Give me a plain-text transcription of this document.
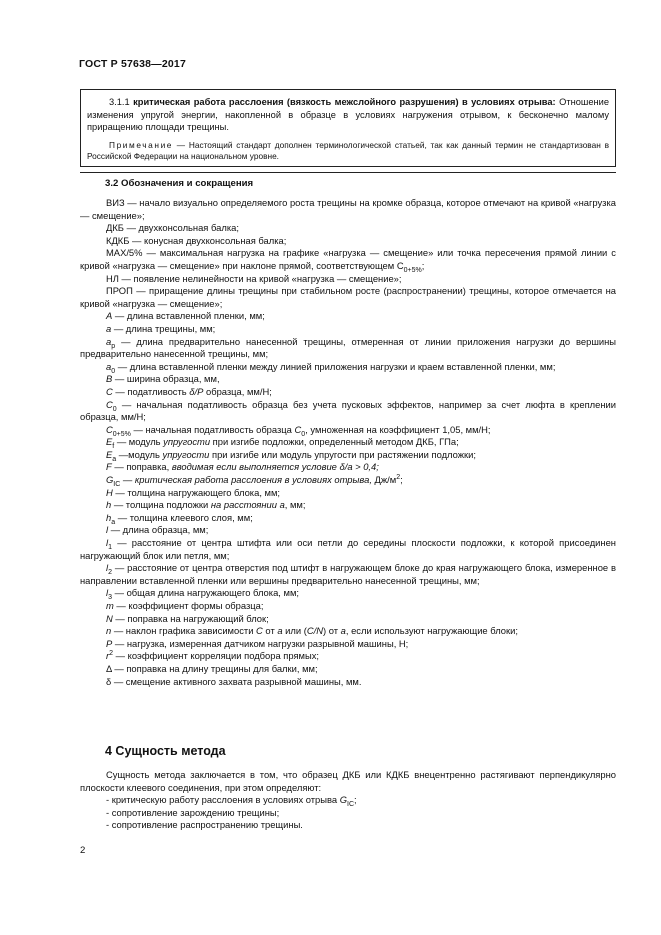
ГОСТ Р 57638—2017

3.1.1 критическая работа расслоения (вязкость межслойного разрушения) в условиях отрыва: Отношение изменения упругой энергии, накопленной в образце в условиях нагружения отрывом, к бесконечно малому приращению площади трещины.

Примечание — Настоящий стандарт дополнен терминологической статьей, так как данный термин не стандартизован в Российской Федерации на национальном уровне.

3.2 Обозначения и сокращения

ВИЗ — начало визуально определяемого роста трещины на кромке образца, которое отмечают на кривой «нагрузка — смещение»;

ДКБ — двухконсольная балка;

КДКБ — конусная двухконсольная балка;

МАХ/5% — максимальная нагрузка на графике «нагрузка — смещение» или точка пересечения прямой линии с кривой «нагрузка — смещение» при наклоне прямой, соответствующем $C_{0+5\%}$;

НЛ — появление нелинейности на кривой «нагрузка — смещение»;

ПРОП — приращение длины трещины при стабильном росте (распространении) трещины, которое отмечается на кривой «нагрузка — смещение»;

A — длина вставленной пленки, мм;

a — длина трещины, мм;

$a_p$ — длина предварительно нанесенной трещины, отмеренная от линии приложения нагрузки до вершины предварительно нанесенной трещины, мм;

$a_0$ — длина вставленной пленки между линией приложения нагрузки и краем вставленной пленки, мм;

B — ширина образца, мм,

C — податливость δ/P образца, мм/Н;

$C_0$ — начальная податливость образца без учета пусковых эффектов, например за счет люфта в креплении образца, мм/Н;

$C_{0+5\%}$ — начальная податливость образца $C_0$, умноженная на коэффициент 1,05, мм/Н;

$E_f$ — модуль упругости при изгибе подложки, определенный методом ДКБ, ГПа;

$E_a$ —модуль упругости при изгибе или модуль упругости при растяжении подложки;

F — поправка, вводимая если выполняется условие δ/a > 0,4;

$G_{IC}$ — критическая работа расслоения в условиях отрыва, $Дж/м^2$;

H — толщина нагружающего блока, мм;

h — толщина подложки на расстоянии a, мм;

$h_a$ — толщина клеевого слоя, мм;

l — длина образца, мм;

$l_1$ — расстояние от центра штифта или оси петли до середины плоскости подложки, к которой присоединен нагружающий блок или петля, мм;

$l_2$ — расстояние от центра отверстия под штифт в нагружающем блоке до края нагружающего блока, измеренное в направлении вставленной пленки или вершины предварительно нанесенной трещины, мм;

$l_3$ — общая длина нагружающего блока, мм;

m — коэффициент формы образца;

N — поправка на нагружающий блок;

n — наклон графика зависимости C от a или (C/N) от a, если используют нагружающие блоки;

P — нагрузка, измеренная датчиком нагрузки разрывной машины, Н;

$r^2$ — коэффициент корреляции подбора прямых;

Δ — поправка на длину трещины для балки, мм;

δ — смещение активного захвата разрывной машины, мм.

4 Сущность метода

Сущность метода заключается в том, что образец ДКБ или КДКБ внецентренно растягивают перпендикулярно плоскости клеевого соединения, при этом определяют:

- критическую работу расслоения в условиях отрыва $G_{IC}$;

- сопротивление зарождению трещины;

- сопротивление распространению трещины.

2
